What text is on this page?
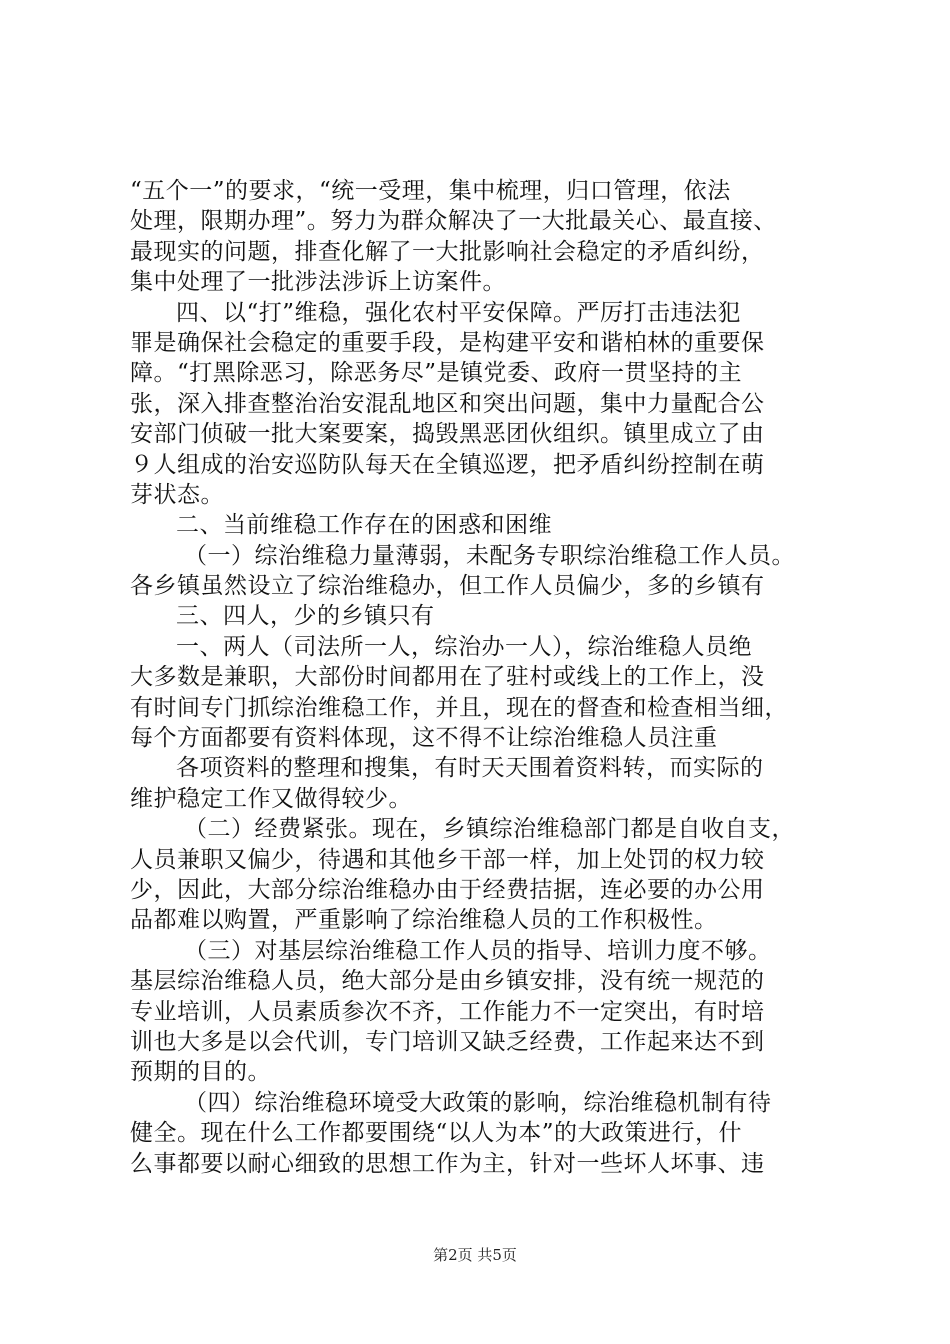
“五个一”的要求，“统一受理，集中梳理，归口管理，依法
处理，限期办理”。努力为群众解决了一大批最关心、最直接、
最现实的问题，排查化解了一大批影响社会稳定的矛盾纠纷，
集中处理了一批涉法涉诉上访案件。
四、以“打”维稳，强化农村平安保障。严厉打击违法犯
罪是确保社会稳定的重要手段，是构建平安和谐柏林的重要保
障。“打黑除恶习，除恶务尽”是镇党委、政府一贯坚持的主
张，深入排查整治治安混乱地区和突出问题，集中力量配合公
安部门侦破一批大案要案，捣毁黑恶团伙组织。镇里成立了由
９人组成的治安巡防队每天在全镇巡逻，把矛盾纠纷控制在萌
芽状态。
二、当前维稳工作存在的困惑和困维
（一）综治维稳力量薄弱，未配务专职综治维稳工作人员。
各乡镇虽然设立了综治维稳办，但工作人员偏少，多的乡镇有
三、四人，少的乡镇只有
一、两人（司法所一人，综治办一人），综治维稳人员绝
大多数是兼职，大部份时间都用在了驻村或线上的工作上，没
有时间专门抓综治维稳工作，并且，现在的督查和检查相当细，
每个方面都要有资料体现，这不得不让综治维稳人员注重
各项资料的整理和搜集，有时天天围着资料转，而实际的
维护稳定工作又做得较少。
（二）经费紧张。现在，乡镇综治维稳部门都是自收自支，
人员兼职又偏少，待遇和其他乡干部一样，加上处罚的权力较
少，因此，大部分综治维稳办由于经费拮据，连必要的办公用
品都难以购置，严重影响了综治维稳人员的工作积极性。
（三）对基层综治维稳工作人员的指导、培训力度不够。
基层综治维稳人员，绝大部分是由乡镇安排，没有统一规范的
专业培训，人员素质参次不齐，工作能力不一定突出，有时培
训也大多是以会代训，专门培训又缺乏经费，工作起来达不到
预期的目的。
（四）综治维稳环境受大政策的影响，综治维稳机制有待
健全。现在什么工作都要围绕“以人为本”的大政策进行，什
么事都要以耐心细致的思想工作为主，针对一些坏人坏事、违
第2页 共5页
